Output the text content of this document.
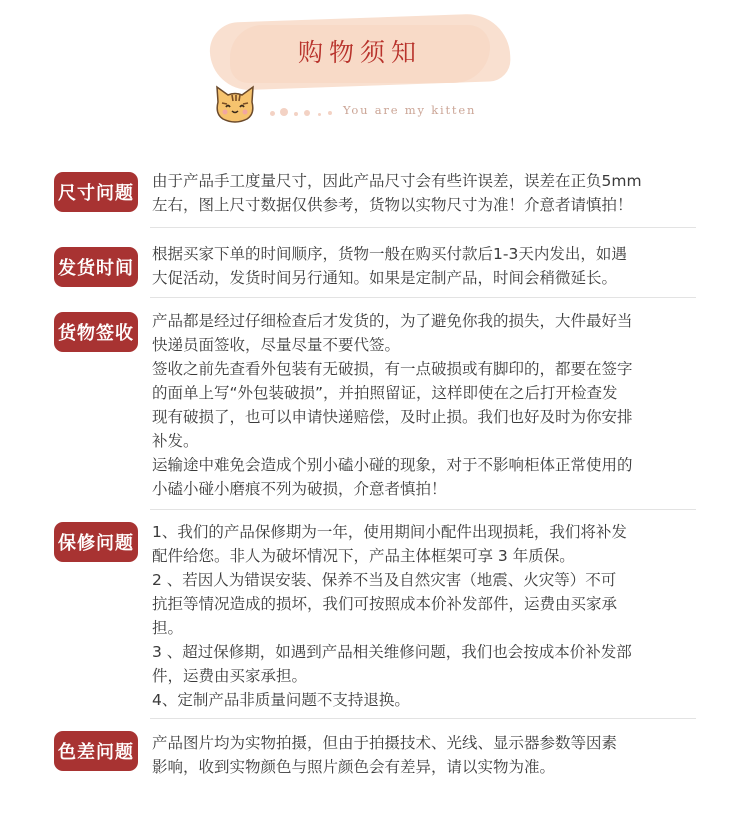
购物须知
You are my kitten
尺寸问题

由于产品手工度量尺寸，因此产品尺寸会有些许误差，误差在正负5mm

左右，图上尺寸数据仅供参考，货物以实物尺寸为准！介意者请慎拍！

发货时间

根据买家下单的时间顺序，货物一般在购买付款后1-3天内发出，如遇

大促活动，发货时间另行通知。如果是定制产品，时间会稍微延长。

货物签收

产品都是经过仔细检查后才发货的，为了避免你我的损失，大件最好当

快递员面签收，尽量尽量不要代签。

签收之前先查看外包装有无破损，有一点破损或有脚印的，都要在签字

的面单上写“外包装破损”，并拍照留证，这样即使在之后打开检查发

现有破损了，也可以申请快递赔偿，及时止损。我们也好及时为你安排

补发。

运输途中难免会造成个别小磕小碰的现象，对于不影响柜体正常使用的

小磕小碰小磨痕不列为破损，介意者慎拍！

保修问题

1、我们的产品保修期为一年，使用期间小配件出现损耗，我们将补发

配件给您。非人为破坏情况下，产品主体框架可享 3 年质保。

2 、若因人为错误安装、保养不当及自然灾害（地震、火灾等）不可

抗拒等情况造成的损坏，我们可按照成本价补发部件，运费由买家承

担。

3 、超过保修期，如遇到产品相关维修问题，我们也会按成本价补发部

件，运费由买家承担。

4、定制产品非质量问题不支持退换。

色差问题 产品图片均为实物拍摄，但由于拍摄技术、光线、显示器参数等因素

影响，收到实物颜色与照片颜色会有差异，请以实物为准。
